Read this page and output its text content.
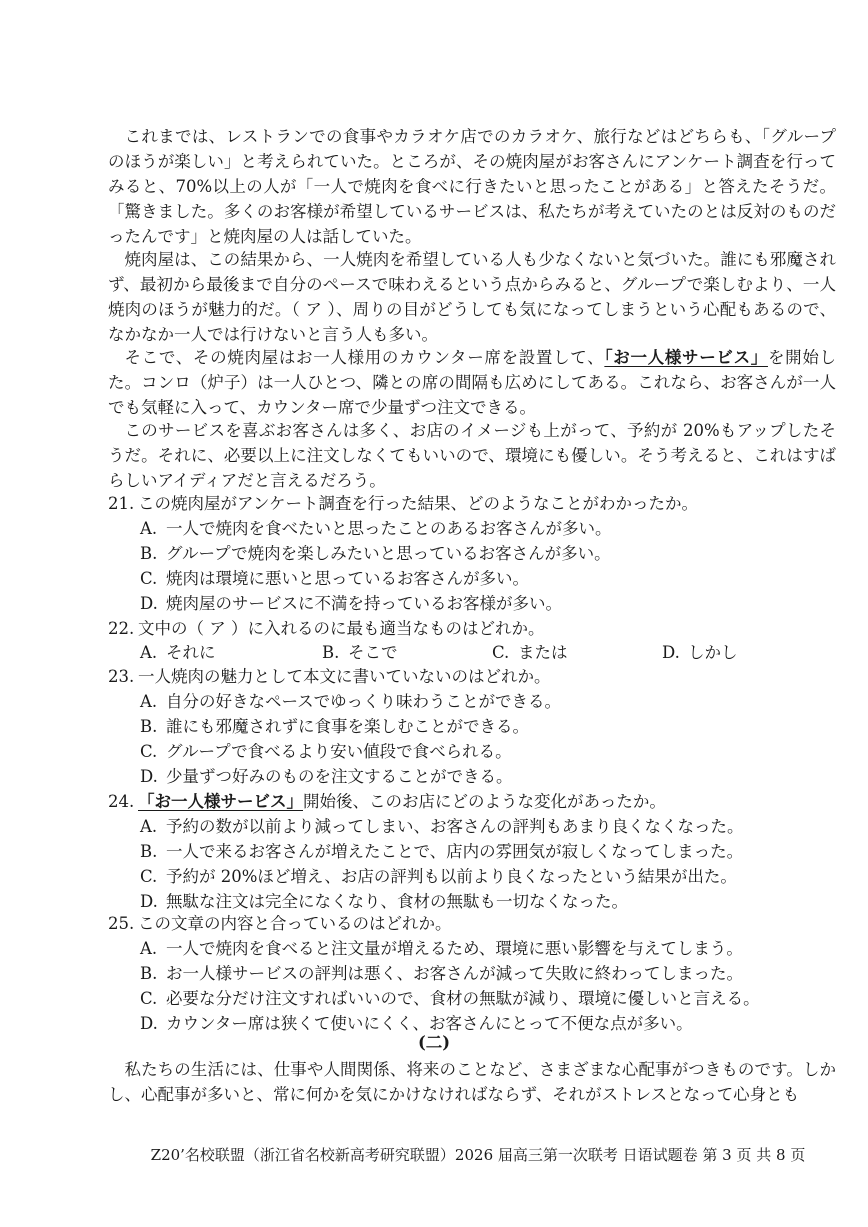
これまでは、レストランでの食事やカラオケ店でのカラオケ、旅行などはどちらも、「グループのほうが楽しい」と考えられていた。ところが、その焼肉屋がお客さんにアンケート調査を行ってみると、70%以上の人が「一人で焼肉を食べに行きたいと思ったことがある」と答えたそうだ。「驚きました。多くのお客様が希望しているサービスは、私たちが考えていたのとは反対のものだったんです」と焼肉屋の人は話していた。

焼肉屋は、この結果から、一人焼肉を希望している人も少なくないと気づいた。誰にも邪魔されず、最初から最後まで自分のペースで味わえるという点からみると、グループで楽しむより、一人焼肉のほうが魅力的だ。（ ア ）、周りの目がどうしても気になってしまうという心配もあるので、なかなか一人では行けないと言う人も多い。

そこで、その焼肉屋はお一人様用のカウンター席を設置して、「お一人様サービス」を開始した。コンロ（炉子）は一人ひとつ、隣との席の間隔も広めにしてある。これなら、お客さんが一人でも気軽に入って、カウンター席で少量ずつ注文できる。

このサービスを喜ぶお客さんは多く、お店のイメージも上がって、予約が 20%もアップしたそうだ。それに、必要以上に注文しなくてもいいので、環境にも優しい。そう考えると、これはすばらしいアイディアだと言えるだろう。

21. この焼肉屋がアンケート調査を行った結果、どのようなことがわかったか。
A. 一人で焼肉を食べたいと思ったことのあるお客さんが多い。
B. グループで焼肉を楽しみたいと思っているお客さんが多い。
C. 焼肉は環境に悪いと思っているお客さんが多い。
D. 焼肉屋のサービスに不満を持っているお客様が多い。
22. 文中の（ ア ）に入れるのに最も適当なものはどれか。
A. それに	B. そこで	C. または	D. しかし
23. 一人焼肉の魅力として本文に書いていないのはどれか。
A. 自分の好きなペースでゆっくり味わうことができる。
B. 誰にも邪魔されずに食事を楽しむことができる。
C. グループで食べるより安い値段で食べられる。
D. 少量ずつ好みのものを注文することができる。
24. 「お一人様サービス」開始後、このお店にどのような変化があったか。
A. 予約の数が以前より減ってしまい、お客さんの評判もあまり良くなくなった。
B. 一人で来るお客さんが増えたことで、店内の雰囲気が寂しくなってしまった。
C. 予約が 20%ほど増え、お店の評判も以前より良くなったという結果が出た。
D. 無駄な注文は完全になくなり、食材の無駄も一切なくなった。
25. この文章の内容と合っているのはどれか。
A. 一人で焼肉を食べると注文量が増えるため、環境に悪い影響を与えてしまう。
B. お一人様サービスの評判は悪く、お客さんが減って失敗に終わってしまった。
C. 必要な分だけ注文すればいいので、食材の無駄が減り、環境に優しいと言える。
D. カウンター席は狭くて使いにくく、お客さんにとって不便な点が多い。
(二)

私たちの生活には、仕事や人間関係、将来のことなど、さまざまな心配事がつきものです。しかし、心配事が多いと、常に何かを気にかけなければならず、それがストレスとなって心身とも

Z20’名校联盟（浙江省名校新高考研究联盟）2026 届高三第一次联考 日语试题卷 第 3 页 共 8 页
